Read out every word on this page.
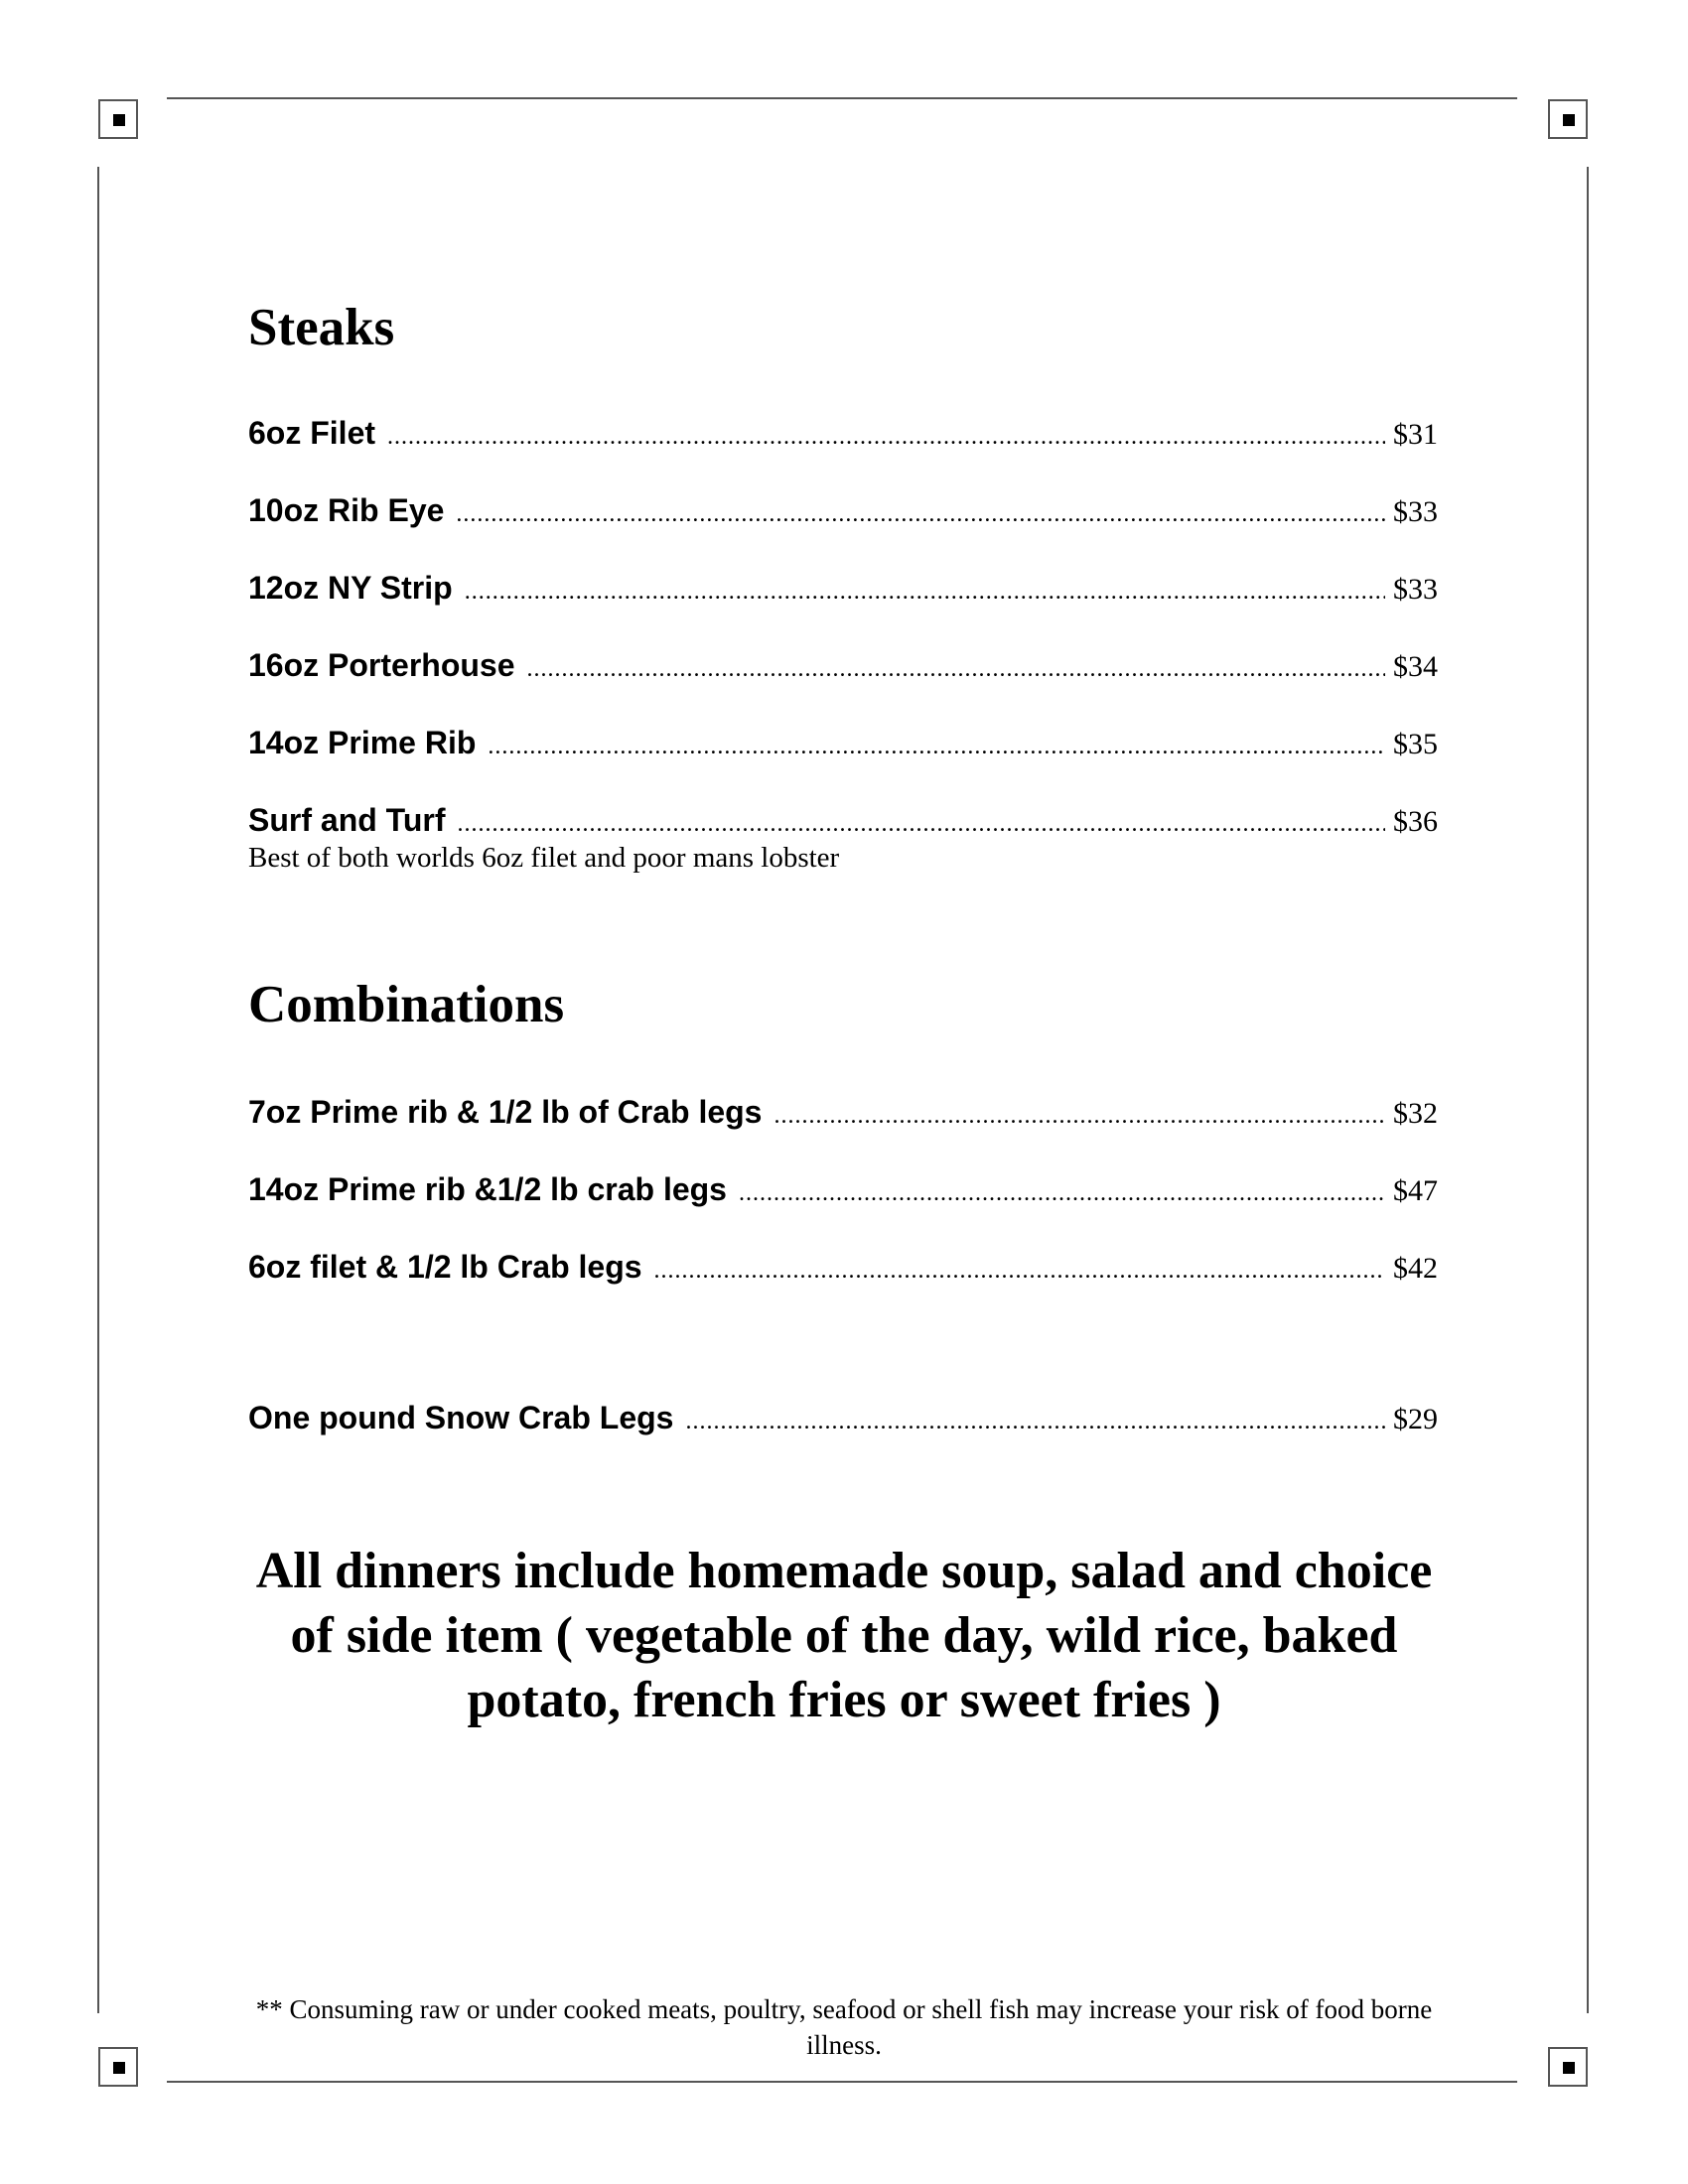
Steaks
6oz Filet .....	$31
10oz Rib Eye .....	$33
12oz NY Strip .....	$33
16oz Porterhouse .....	$34
14oz Prime Rib .....	$35
Surf and Turf .....	$36
Best of both worlds 6oz filet and poor mans lobster
Combinations
7oz Prime rib & 1/2 lb of Crab legs .....	$32
14oz Prime rib &1/2 lb crab legs .....	$47
6oz filet & 1/2 lb Crab legs .....	$42
One pound Snow Crab Legs .....	$29
All dinners include homemade soup, salad and choice of side item ( vegetable of the day, wild rice, baked potato, french fries or sweet fries )
** Consuming raw or under cooked meats, poultry, seafood or shell fish may increase your risk of food borne illness.
